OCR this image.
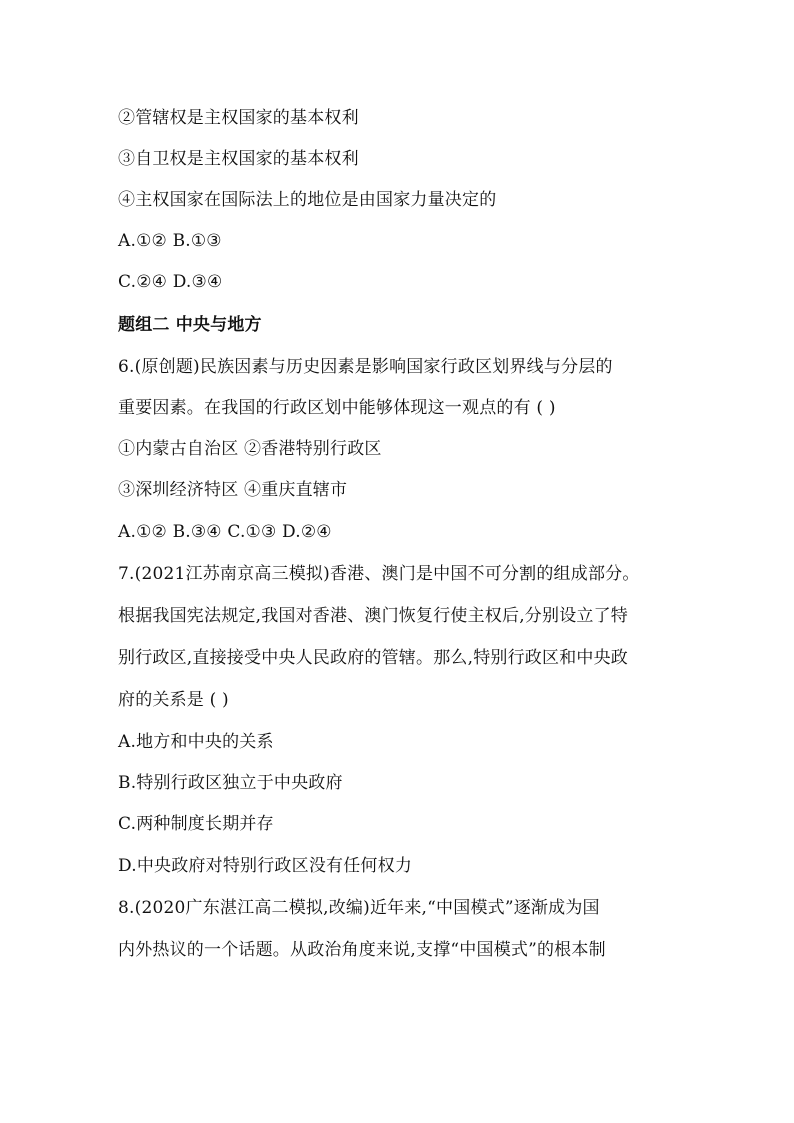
②管辖权是主权国家的基本权利
③自卫权是主权国家的基本权利
④主权国家在国际法上的地位是由国家力量决定的
A.①② B.①③
C.②④ D.③④
题组二 中央与地方
6.(原创题)民族因素与历史因素是影响国家行政区划界线与分层的
重要因素。在我国的行政区划中能够体现这一观点的有 ( )
①内蒙古自治区 ②香港特别行政区
③深圳经济特区 ④重庆直辖市
A.①② B.③④ C.①③ D.②④
7.(2021江苏南京高三模拟)香港、澳门是中国不可分割的组成部分。
根据我国宪法规定,我国对香港、澳门恢复行使主权后,分别设立了特
别行政区,直接接受中央人民政府的管辖。那么,特别行政区和中央政
府的关系是 ( )
A.地方和中央的关系
B.特别行政区独立于中央政府
C.两种制度长期并存
D.中央政府对特别行政区没有任何权力
8.(2020广东湛江高二模拟,改编)近年来,“中国模式”逐渐成为国
内外热议的一个话题。从政治角度来说,支撑“中国模式”的根本制
